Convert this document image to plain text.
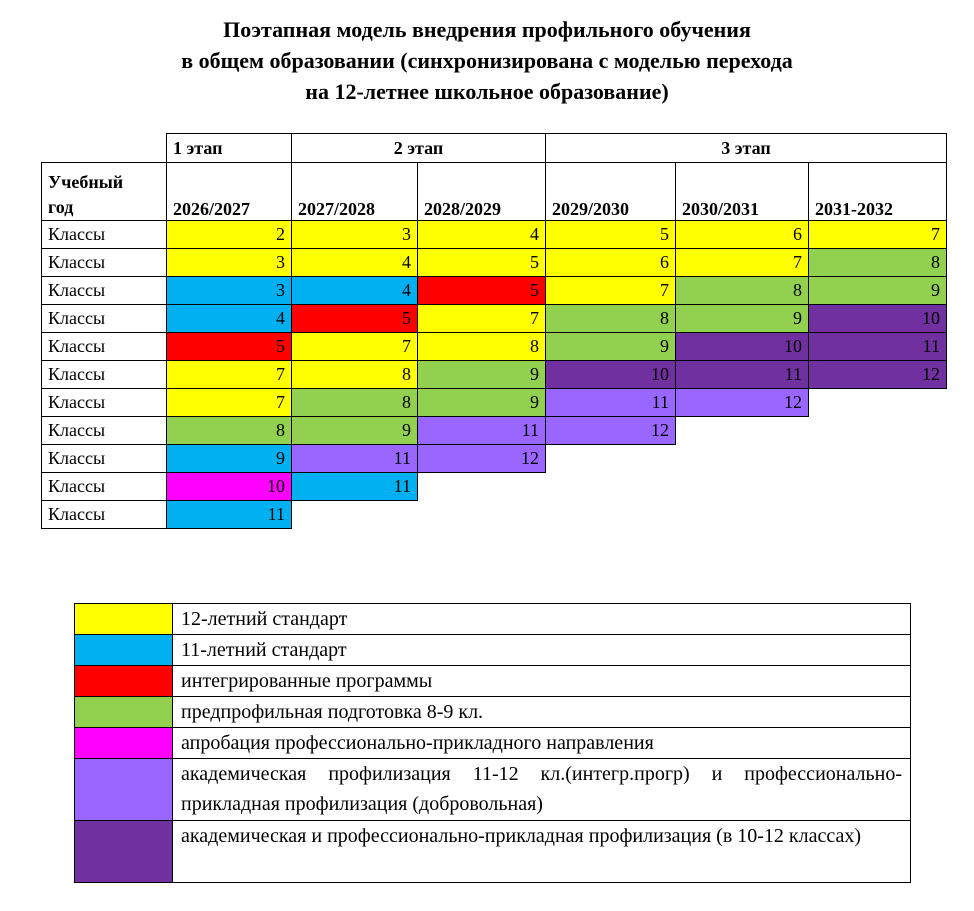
Поэтапная модель внедрения профильного обучения
в общем образовании (синхронизирована с моделью перехода
на 12-летнее школьное образование)
	1 этап	2 этап		3 этап		
Учебный
год	2026/2027	2027/2028	2028/2029	2029/2030	2030/2031	2031-2032
Классы	2	3	4	5	6	7
Классы	3	4	5	6	7	8
Классы	3	4	5	7	8	9
Классы	4	5	7	8	9	10
Классы	5	7	8	9	10	11
Классы	7	8	9	10	11	12
Классы	7	8	9	11	12	
Классы	8	9	11	12		
Классы	9	11	12			
Классы	10	11				
Классы	11					
	12-летний стандарт
	11-летний стандарт
	интегрированные программы
	предпрофильная подготовка 8-9 кл.
	апробация профессионально-прикладного направления
	академическая профилизация 11-12 кл.(интегр.прогр) и профессионально-прикладная профилизация (добровольная)
	академическая и профессионально-прикладная профилизация (в 10-12 классах)
